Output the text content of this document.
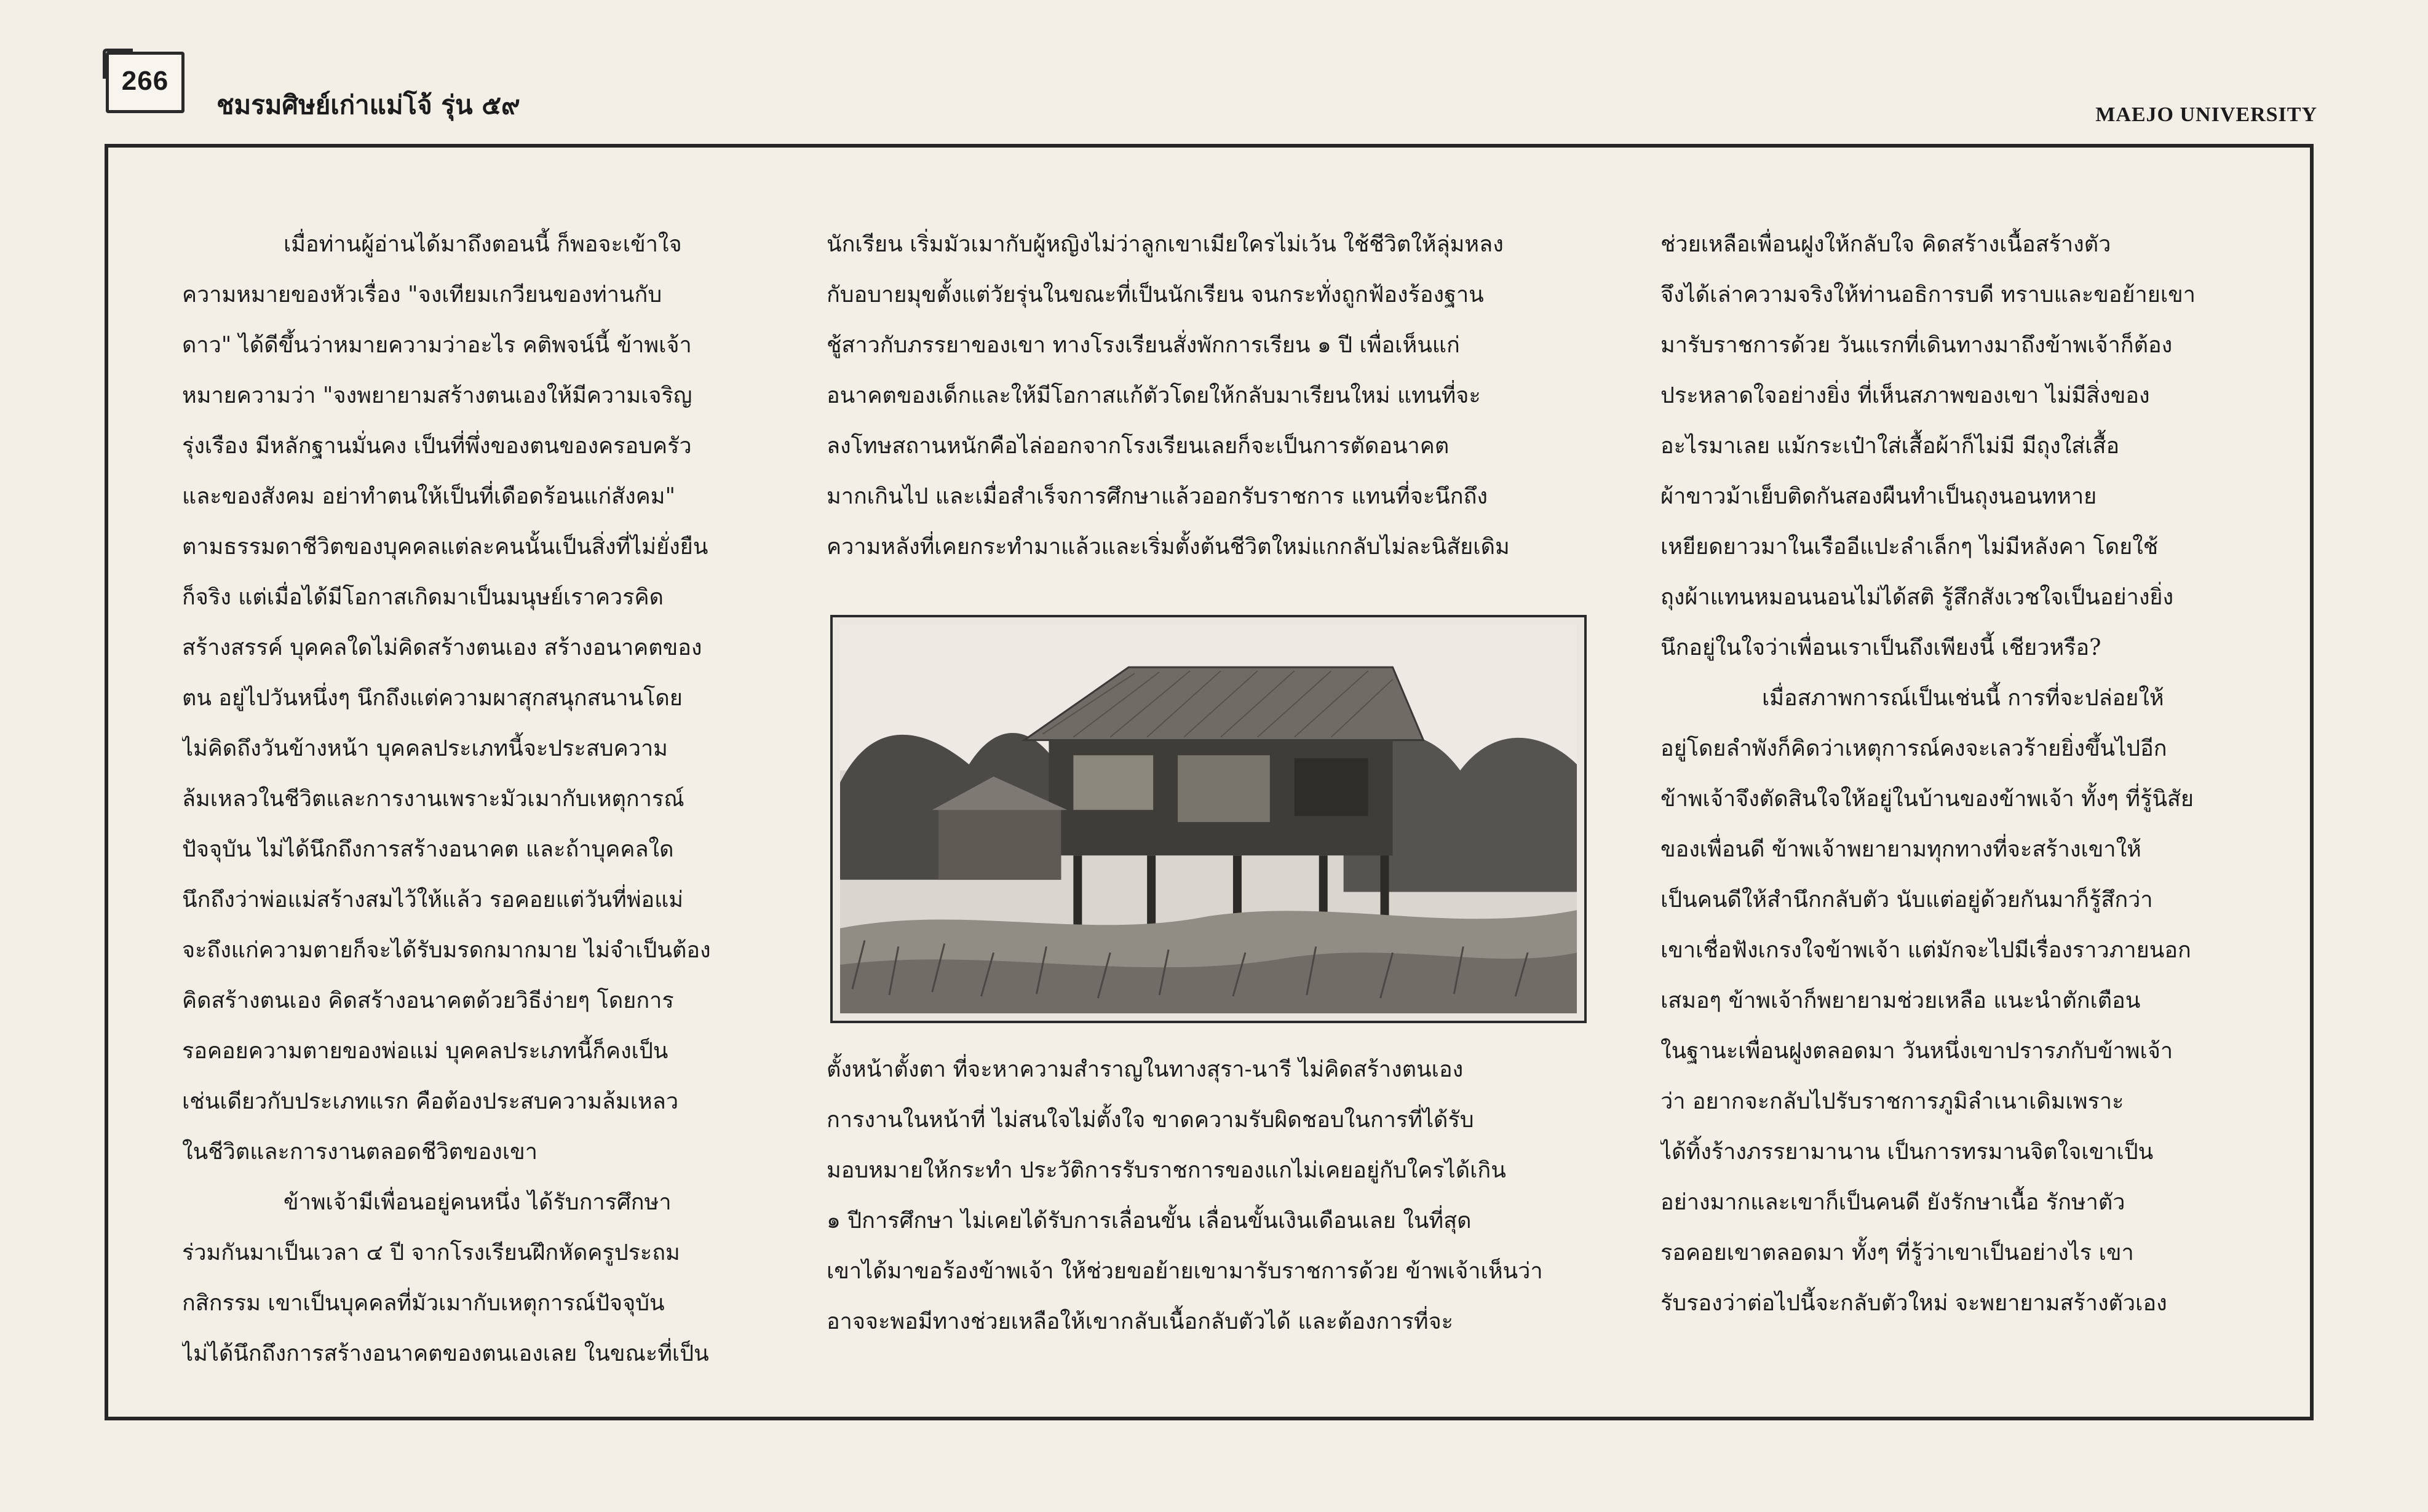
266
ชมรมศิษย์เก่าแม่โจ้ รุ่น ๕๙	MAEJO UNIVERSITY

เมื่อท่านผู้อ่านได้มาถึงตอนนี้ ก็พอจะเข้าใจ

ความหมายของหัวเรื่อง "จงเทียมเกวียนของท่านกับ

ดาว" ได้ดีขึ้นว่าหมายความว่าอะไร คติพจน์นี้ ข้าพเจ้า

หมายความว่า "จงพยายามสร้างตนเองให้มีความเจริญ

รุ่งเรือง มีหลักฐานมั่นคง เป็นที่พึ่งของตนของครอบครัว

และของสังคม อย่าทำตนให้เป็นที่เดือดร้อนแก่สังคม"

ตามธรรมดาชีวิตของบุคคลแต่ละคนนั้นเป็นสิ่งที่ไม่ยั่งยืน

ก็จริง แต่เมื่อได้มีโอกาสเกิดมาเป็นมนุษย์เราควรคิด

สร้างสรรค์ บุคคลใดไม่คิดสร้างตนเอง สร้างอนาคตของ

ตน อยู่ไปวันหนึ่งๆ นึกถึงแต่ความผาสุกสนุกสนานโดย

ไม่คิดถึงวันข้างหน้า บุคคลประเภทนี้จะประสบความ

ล้มเหลวในชีวิตและการงานเพราะมัวเมากับเหตุการณ์

ปัจจุบัน ไม่ได้นึกถึงการสร้างอนาคต และถ้าบุคคลใด

นึกถึงว่าพ่อแม่สร้างสมไว้ให้แล้ว รอคอยแต่วันที่พ่อแม่

จะถึงแก่ความตายก็จะได้รับมรดกมากมาย ไม่จำเป็นต้อง

คิดสร้างตนเอง คิดสร้างอนาคตด้วยวิธีง่ายๆ โดยการ

รอคอยความตายของพ่อแม่ บุคคลประเภทนี้ก็คงเป็น

เช่นเดียวกับประเภทแรก คือต้องประสบความล้มเหลว

ในชีวิตและการงานตลอดชีวิตของเขา

ข้าพเจ้ามีเพื่อนอยู่คนหนึ่ง ได้รับการศึกษา

ร่วมกันมาเป็นเวลา ๔ ปี จากโรงเรียนฝึกหัดครูประถม

กสิกรรม เขาเป็นบุคคลที่มัวเมากับเหตุการณ์ปัจจุบัน

ไม่ได้นึกถึงการสร้างอนาคตของตนเองเลย ในขณะที่เป็น

นักเรียน เริ่มมัวเมากับผู้หญิงไม่ว่าลูกเขาเมียใครไม่เว้น ใช้ชีวิตให้ลุ่มหลง

กับอบายมุขตั้งแต่วัยรุ่นในขณะที่เป็นนักเรียน จนกระทั่งถูกฟ้องร้องฐาน

ชู้สาวกับภรรยาของเขา ทางโรงเรียนสั่งพักการเรียน ๑ ปี เพื่อเห็นแก่

อนาคตของเด็กและให้มีโอกาสแก้ตัวโดยให้กลับมาเรียนใหม่ แทนที่จะ

ลงโทษสถานหนักคือไล่ออกจากโรงเรียนเลยก็จะเป็นการตัดอนาคต

มากเกินไป และเมื่อสำเร็จการศึกษาแล้วออกรับราชการ แทนที่จะนึกถึง

ความหลังที่เคยกระทำมาแล้วและเริ่มตั้งต้นชีวิตใหม่แกกลับไม่ละนิสัยเดิม

ตั้งหน้าตั้งตา ที่จะหาความสำราญในทางสุรา-นารี ไม่คิดสร้างตนเอง

การงานในหน้าที่ ไม่สนใจไม่ตั้งใจ ขาดความรับผิดชอบในการที่ได้รับ

มอบหมายให้กระทำ ประวัติการรับราชการของแกไม่เคยอยู่กับใครได้เกิน

๑ ปีการศึกษา ไม่เคยได้รับการเลื่อนขั้น เลื่อนขั้นเงินเดือนเลย ในที่สุด

เขาได้มาขอร้องข้าพเจ้า ให้ช่วยขอย้ายเขามารับราชการด้วย ข้าพเจ้าเห็นว่า

อาจจะพอมีทางช่วยเหลือให้เขากลับเนื้อกลับตัวได้ และต้องการที่จะ

ช่วยเหลือเพื่อนฝูงให้กลับใจ คิดสร้างเนื้อสร้างตัว

จึงได้เล่าความจริงให้ท่านอธิการบดี ทราบและขอย้ายเขา

มารับราชการด้วย วันแรกที่เดินทางมาถึงข้าพเจ้าก็ต้อง

ประหลาดใจอย่างยิ่ง ที่เห็นสภาพของเขา ไม่มีสิ่งของ

อะไรมาเลย แม้กระเป๋าใส่เสื้อผ้าก็ไม่มี มีถุงใส่เสื้อ

ผ้าขาวม้าเย็บติดกันสองผืนทำเป็นถุงนอนทหาย

เหยียดยาวมาในเรืออีแปะลำเล็กๆ ไม่มีหลังคา โดยใช้

ถุงผ้าแทนหมอนนอนไม่ได้สติ รู้สึกสังเวชใจเป็นอย่างยิ่ง

นึกอยู่ในใจว่าเพื่อนเราเป็นถึงเพียงนี้ เชียวหรือ?

เมื่อสภาพการณ์เป็นเช่นนี้ การที่จะปล่อยให้

อยู่โดยลำพังก็คิดว่าเหตุการณ์คงจะเลวร้ายยิ่งขึ้นไปอีก

ข้าพเจ้าจึงตัดสินใจให้อยู่ในบ้านของข้าพเจ้า ทั้งๆ ที่รู้นิสัย

ของเพื่อนดี ข้าพเจ้าพยายามทุกทางที่จะสร้างเขาให้

เป็นคนดีให้สำนึกกลับตัว นับแต่อยู่ด้วยกันมาก็รู้สึกว่า

เขาเชื่อฟังเกรงใจข้าพเจ้า แต่มักจะไปมีเรื่องราวภายนอก

เสมอๆ ข้าพเจ้าก็พยายามช่วยเหลือ แนะนำตักเตือน

ในฐานะเพื่อนฝูงตลอดมา วันหนึ่งเขาปรารภกับข้าพเจ้า

ว่า อยากจะกลับไปรับราชการภูมิลำเนาเดิมเพราะ

ได้ทิ้งร้างภรรยามานาน เป็นการทรมานจิตใจเขาเป็น

อย่างมากและเขาก็เป็นคนดี ยังรักษาเนื้อ รักษาตัว

รอคอยเขาตลอดมา ทั้งๆ ที่รู้ว่าเขาเป็นอย่างไร เขา

รับรองว่าต่อไปนี้จะกลับตัวใหม่ จะพยายามสร้างตัวเอง
